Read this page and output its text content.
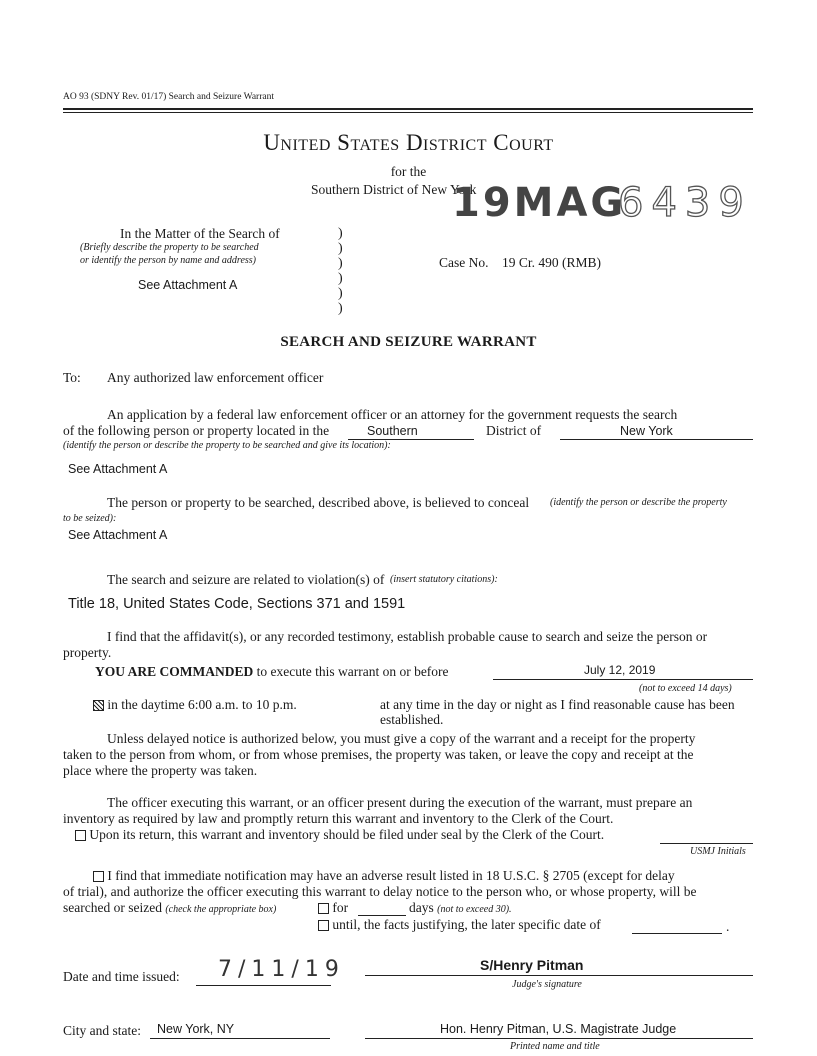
AO 93 (SDNY Rev. 01/17) Search and Seizure Warrant
United States District Court
for the
Southern District of New York
19MAG
6439
In the Matter of the Search of
(Briefly describe the property to be searched
or identify the person by name and address)
See Attachment A
)
)
)
)
)
)
Case No. 19 Cr. 490 (RMB)
SEARCH AND SEIZURE WARRANT
To: Any authorized law enforcement officer
An application by a federal law enforcement officer or an attorney for the government requests the search
of the following person or property located in the	Southern	District of	New York
(identify the person or describe the property to be searched and give its location):
See Attachment A
The person or property to be searched, described above, is believed to conceal (identify the person or describe the property
to be seized):
See Attachment A
The search and seizure are related to violation(s) of (insert statutory citations):
Title 18, United States Code, Sections 371 and 1591
I find that the affidavit(s), or any recorded testimony, establish probable cause to search and seize the person or
property.
YOU ARE COMMANDED to execute this warrant on or before	July 12, 2019
(not to exceed 14 days)
in the daytime 6:00 a.m. to 10 p.m.	at any time in the day or night as I find reasonable cause has been
established.
Unless delayed notice is authorized below, you must give a copy of the warrant and a receipt for the property
taken to the person from whom, or from whose premises, the property was taken, or leave the copy and receipt at the
place where the property was taken.
The officer executing this warrant, or an officer present during the execution of the warrant, must prepare an
inventory as required by law and promptly return this warrant and inventory to the Clerk of the Court.
Upon its return, this warrant and inventory should be filed under seal by the Clerk of the Court.
USMJ Initials
I find that immediate notification may have an adverse result listed in 18 U.S.C. § 2705 (except for delay
of trial), and authorize the officer executing this warrant to delay notice to the person who, or whose property, will be
searched or seized (check the appropriate box)	for	days (not to exceed 30).
until, the facts justifying, the later specific date of	.
Date and time issued: 7/11/19	S/Henry Pitman
Judge's signature
City and state: New York, NY	Hon. Henry Pitman, U.S. Magistrate Judge
Printed name and title
